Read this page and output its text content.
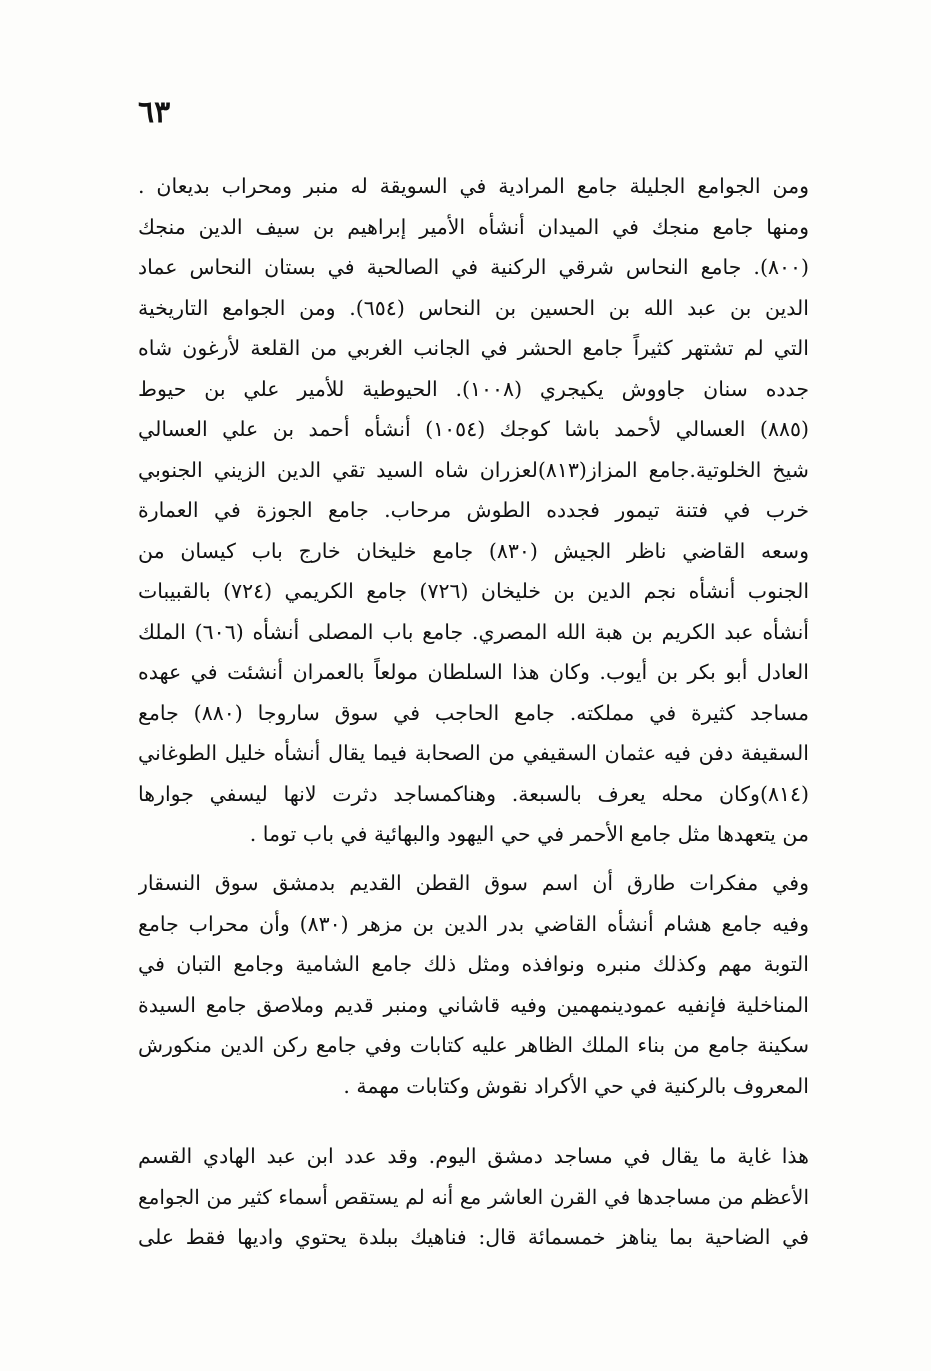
٦٣
ومن الجوامع الجليلة جامع المرادية في السويقة له منبر ومحراب بديعان .
ومنها جامع منجك في الميدان أنشأه الأمير إبراهيم بن سيف الدين منجك
(٨٠٠). جامع النحاس شرقي الركنية في الصالحية في بستان النحاس عماد
الدين بن عبد الله بن الحسين بن النحاس (٦٥٤). ومن الجوامع التاريخية
التي لم تشتهر كثيراً جامع الحشر في الجانب الغربي من القلعة لأرغون شاه
جدده سنان جاووش يكيجري (١٠٠٨). الحيوطية للأمير علي بن حيوط
(٨٨٥) العسالي لأحمد باشا كوجك (١٠٥٤) أنشأه أحمد بن علي العسالي
شيخ الخلوتية.جامع المزاز(٨١٣)لعزران شاه السيد تقي الدين الزيني الجنوبي
خرب في فتنة تيمور فجدده الطوش مرحاب. جامع الجوزة في العمارة
وسعه القاضي ناظر الجيش (٨٣٠) جامع خليخان خارج باب كيسان من
الجنوب أنشأه نجم الدين بن خليخان (٧٢٦) جامع الكريمي (٧٢٤) بالقبيبات
أنشأه عبد الكريم بن هبة الله المصري. جامع باب المصلى أنشأه (٦٠٦) الملك
العادل أبو بكر بن أيوب. وكان هذا السلطان مولعاً بالعمران أنشئت في عهده
مساجد كثيرة في مملكته. جامع الحاجب في سوق ساروجا (٨٨٠) جامع
السقيفة دفن فيه عثمان السقيفي من الصحابة فيما يقال أنشأه خليل الطوغاني
(٨١٤)وكان محله يعرف بالسبعة. وهناكمساجد دثرت لانها ليسفي جوارها
من يتعهدها مثل جامع الأحمر في حي اليهود والبهائية في باب توما .
وفي مفكرات طارق أن اسم سوق القطن القديم بدمشق سوق النسقار
وفيه جامع هشام أنشأه القاضي بدر الدين بن مزهر (٨٣٠) وأن محراب جامع
التوبة مهم وكذلك منبره ونوافذه ومثل ذلك جامع الشامية وجامع التبان في
المناخلية فإنفيه عمودينمهمين وفيه قاشاني ومنبر قديم وملاصق جامع السيدة
سكينة جامع من بناء الملك الظاهر عليه كتابات وفي جامع ركن الدين منكورش
المعروف بالركنية في حي الأكراد نقوش وكتابات مهمة .
هذا غاية ما يقال في مساجد دمشق اليوم. وقد عدد ابن عبد الهادي القسم
الأعظم من مساجدها في القرن العاشر مع أنه لم يستقص أسماء كثير من الجوامع
في الضاحية بما يناهز خمسمائة قال: فناهيك ببلدة يحتوي واديها فقط على
